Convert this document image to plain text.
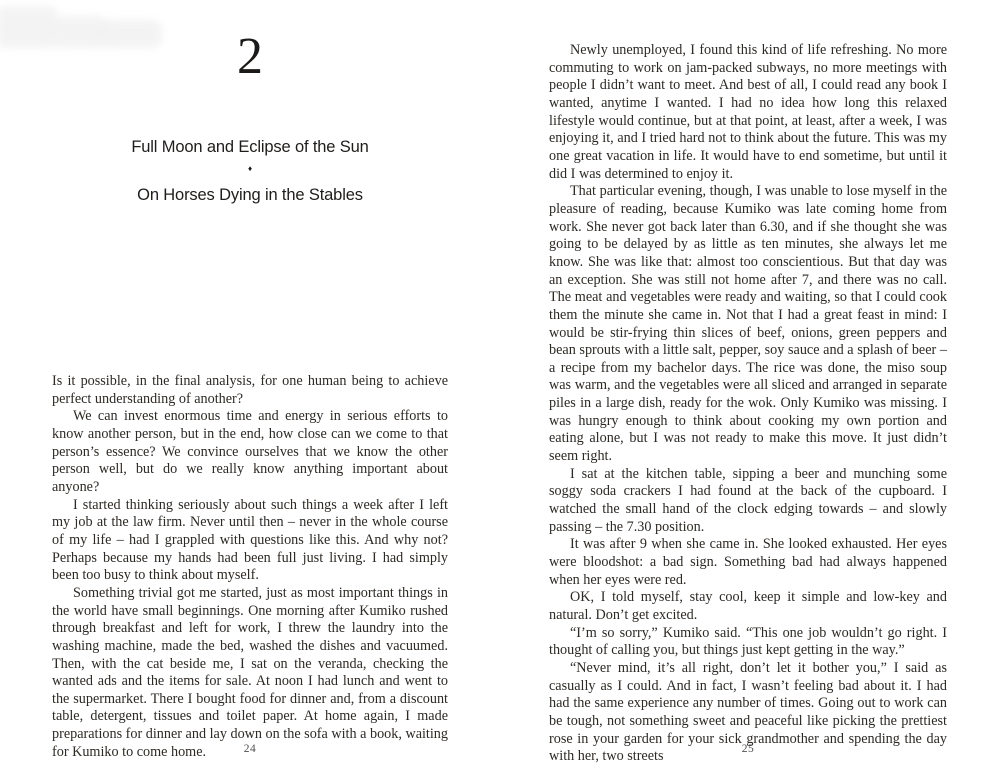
2
Full Moon and Eclipse of the Sun
♦
On Horses Dying in the Stables

Is it possible, in the final analysis, for one human being to achieve perfect understanding of another?

We can invest enormous time and energy in serious efforts to know another person, but in the end, how close can we come to that person’s essence? We convince ourselves that we know the other person well, but do we really know anything important about anyone?

I started thinking seriously about such things a week after I left my job at the law firm. Never until then – never in the whole course of my life – had I grappled with questions like this. And why not? Perhaps because my hands had been full just living. I had simply been too busy to think about myself.

Something trivial got me started, just as most important things in the world have small beginnings. One morning after Kumiko rushed through breakfast and left for work, I threw the laundry into the washing machine, made the bed, washed the dishes and vacuumed. Then, with the cat beside me, I sat on the veranda, checking the wanted ads and the items for sale. At noon I had lunch and went to the supermarket. There I bought food for dinner and, from a discount table, detergent, tissues and toilet paper. At home again, I made preparations for dinner and lay down on the sofa with a book, waiting for Kumiko to come home.	24

Newly unemployed, I found this kind of life refreshing. No more commuting to work on jam-packed subways, no more meetings with people I didn’t want to meet. And best of all, I could read any book I wanted, anytime I wanted. I had no idea how long this relaxed lifestyle would continue, but at that point, at least, after a week, I was enjoying it, and I tried hard not to think about the future. This was my one great vacation in life. It would have to end sometime, but until it did I was determined to enjoy it.

That particular evening, though, I was unable to lose myself in the pleasure of reading, because Kumiko was late coming home from work. She never got back later than 6.30, and if she thought she was going to be delayed by as little as ten minutes, she always let me know. She was like that: almost too conscientious. But that day was an exception. She was still not home after 7, and there was no call. The meat and vegetables were ready and waiting, so that I could cook them the minute she came in. Not that I had a great feast in mind: I would be stir-frying thin slices of beef, onions, green peppers and bean sprouts with a little salt, pepper, soy sauce and a splash of beer – a recipe from my bachelor days. The rice was done, the miso soup was warm, and the vegetables were all sliced and arranged in separate piles in a large dish, ready for the wok. Only Kumiko was missing. I was hungry enough to think about cooking my own portion and eating alone, but I was not ready to make this move. It just didn’t seem right.

I sat at the kitchen table, sipping a beer and munching some soggy soda crackers I had found at the back of the cupboard. I watched the small hand of the clock edging towards – and slowly passing – the 7.30 position.

It was after 9 when she came in. She looked exhausted. Her eyes were bloodshot: a bad sign. Something bad had always happened when her eyes were red.

OK, I told myself, stay cool, keep it simple and low-key and natural. Don’t get excited.

“I’m so sorry,” Kumiko said. “This one job wouldn’t go right. I thought of calling you, but things just kept getting in the way.”

“Never mind, it’s all right, don’t let it bother you,” I said as casually as I could. And in fact, I wasn’t feeling bad about it. I had had the same experience any number of times. Going out to work can be tough, not something sweet and peaceful like picking the prettiest rose in your garden for your sick grandmother and spending the day with her, two streets	25
